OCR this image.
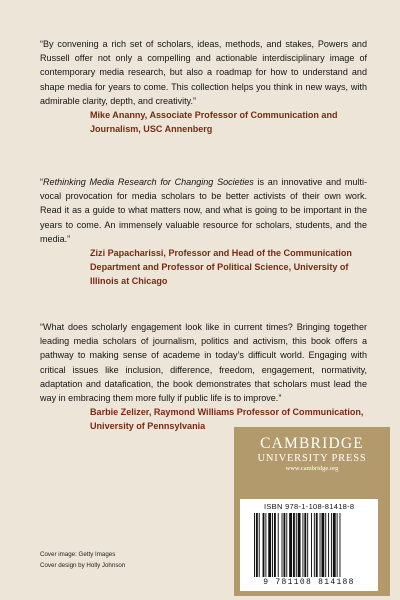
“By convening a rich set of scholars, ideas, methods, and stakes, Powers and Russell offer not only a compelling and actionable interdisciplinary image of contemporary media research, but also a roadmap for how to understand and shape media for years to come. This collection helps you think in new ways, with admirable clarity, depth, and creativity.”
Mike Ananny, Associate Professor of Communication and Journalism, USC Annenberg
“Rethinking Media Research for Changing Societies is an innovative and multi-vocal provocation for media scholars to be better activists of their own work. Read it as a guide to what matters now, and what is going to be important in the years to come. An immensely valuable resource for scholars, students, and the media.”
Zizi Papacharissi, Professor and Head of the Communication Department and Professor of Political Science, University of Illinois at Chicago
“What does scholarly engagement look like in current times? Bringing together leading media scholars of journalism, politics and activism, this book offers a pathway to making sense of academe in today’s difficult world. Engaging with critical issues like inclusion, difference, freedom, engagement, normativity, adaptation and datafication, the book demonstrates that scholars must lead the way in embracing them more fully if public life is to improve.”
Barbie Zelizer, Raymond Williams Professor of Communication, University of Pennsylvania
Cover image: Getty Images
Cover design by Holly Johnson
CAMBRIDGE
UNIVERSITY PRESS
www.cambridge.org
ISBN 978-1-108-81418-8
9 781108 814188
